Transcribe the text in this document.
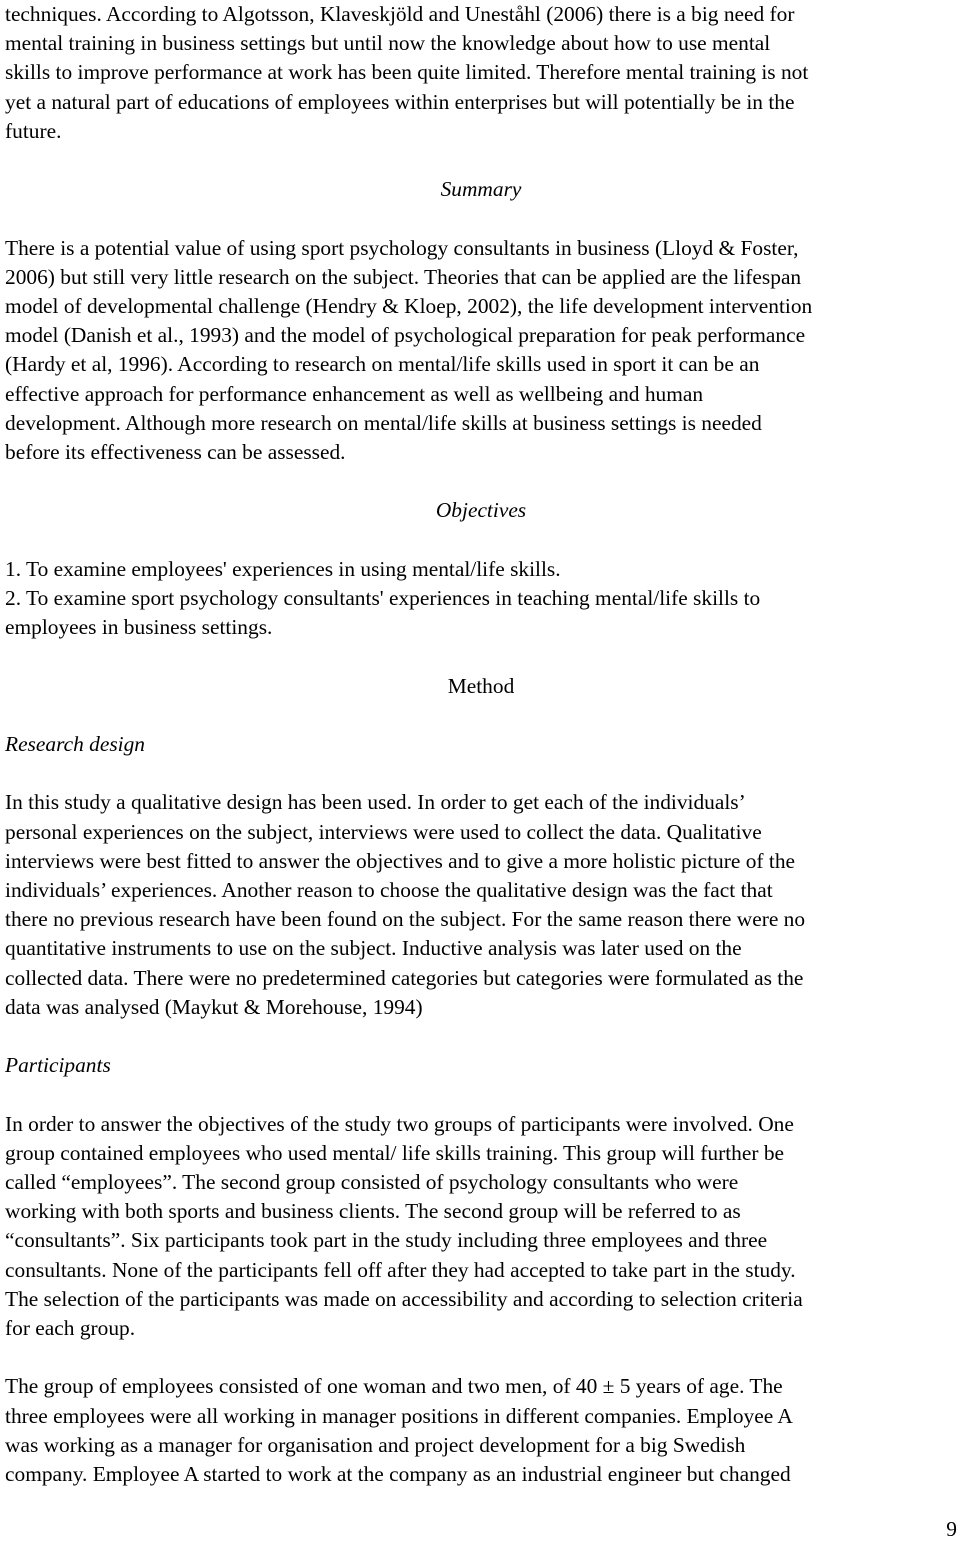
techniques. According to Algotsson, Klaveskjöld and Uneståhl (2006) there is a big need for
mental training in business settings but until now the knowledge about how to use mental
skills to improve performance at work has been quite limited. Therefore mental training is not
yet a natural part of educations of employees within enterprises but will potentially be in the
future.

Summary

There is a potential value of using sport psychology consultants in business (Lloyd & Foster,
2006) but still very little research on the subject. Theories that can be applied are the lifespan
model of developmental challenge (Hendry & Kloep, 2002), the life development intervention
model (Danish et al., 1993) and the model of psychological preparation for peak performance
(Hardy et al, 1996). According to research on mental/life skills used in sport it can be an
effective approach for performance enhancement as well as wellbeing and human
development. Although more research on mental/life skills at business settings is needed
before its effectiveness can be assessed.

Objectives

1. To examine employees' experiences in using mental/life skills.

2. To examine sport psychology consultants' experiences in teaching mental/life skills to
employees in business settings.

Method

Research design

In this study a qualitative design has been used. In order to get each of the individuals’
personal experiences on the subject, interviews were used to collect the data. Qualitative
interviews were best fitted to answer the objectives and to give a more holistic picture of the
individuals’ experiences. Another reason to choose the qualitative design was the fact that
there no previous research have been found on the subject. For the same reason there were no
quantitative instruments to use on the subject. Inductive analysis was later used on the
collected data. There were no predetermined categories but categories were formulated as the
data was analysed (Maykut & Morehouse, 1994)

Participants

In order to answer the objectives of the study two groups of participants were involved. One
group contained employees who used mental/ life skills training. This group will further be
called “employees”. The second group consisted of psychology consultants who were
working with both sports and business clients. The second group will be referred to as
“consultants”. Six participants took part in the study including three employees and three
consultants. None of the participants fell off after they had accepted to take part in the study.
The selection of the participants was made on accessibility and according to selection criteria
for each group.

The group of employees consisted of one woman and two men, of 40 ± 5 years of age. The
three employees were all working in manager positions in different companies. Employee A
was working as a manager for organisation and project development for a big Swedish
company. Employee A started to work at the company as an industrial engineer but changed

9
